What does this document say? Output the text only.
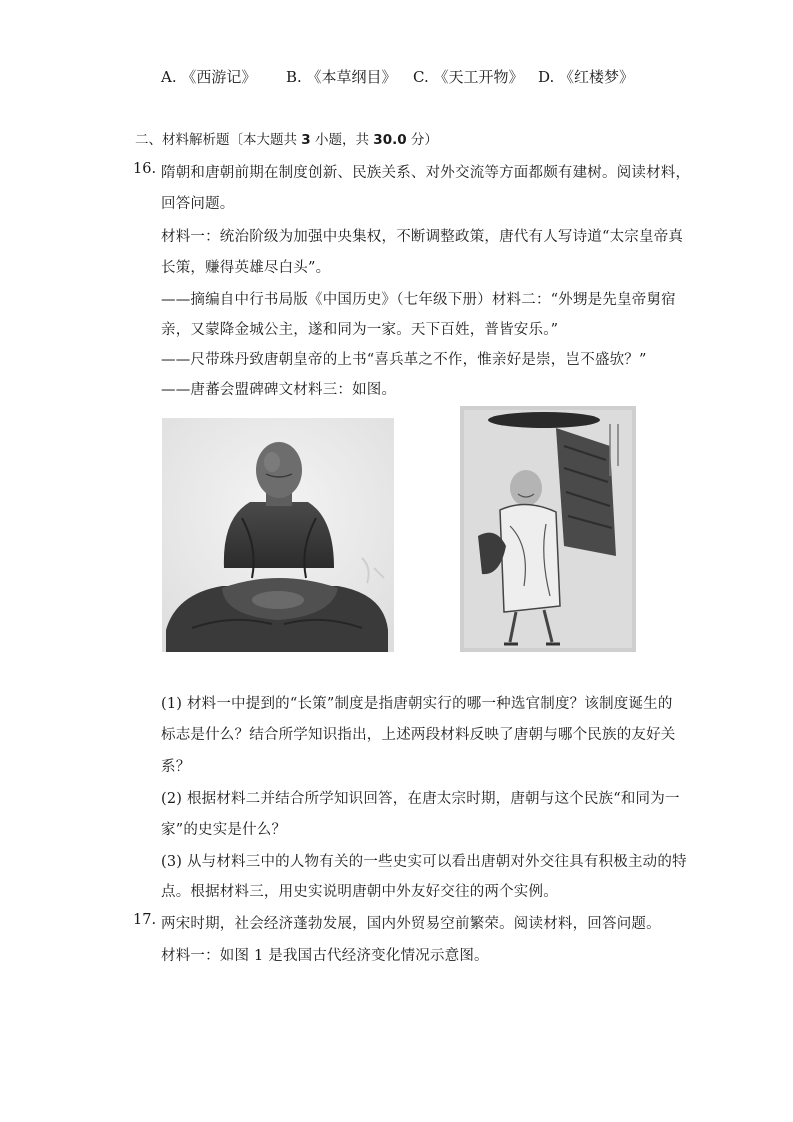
A. 《西游记》 B. 《本草纲目》 C. 《天工开物》 D. 《红楼梦》
二、材料解析题〔本大题共 3 小题，共 30.0 分）
16. 隋朝和唐朝前期在制度创新、民族关系、对外交流等方面都颇有建树。阅读材料，
回答问题。
材料一：统治阶级为加强中央集权，不断调整政策，唐代有人写诗道“太宗皇帝真
长策，赚得英雄尽白头”。
——摘编自中行书局版《中国历史》（七年级下册）材料二：“外甥是先皇帝舅宿
亲，又蒙降金城公主，遂和同为一家。天下百姓，普皆安乐。”
——尺带珠丹致唐朝皇帝的上书“喜兵革之不作，惟亲好是崇，岂不盛欤？”
——唐蕃会盟碑碑文材料三：如图。
(1) 材料一中提到的“长策”制度是指唐朝实行的哪一种选官制度？该制度诞生的
标志是什么？结合所学知识指出，上述两段材料反映了唐朝与哪个民族的友好关
系？
(2) 根据材料二并结合所学知识回答，在唐太宗时期，唐朝与这个民族“和同为一
家”的史实是什么？
(3) 从与材料三中的人物有关的一些史实可以看出唐朝对外交往具有积极主动的特
点。根据材料三，用史实说明唐朝中外友好交往的两个实例。
17. 两宋时期，社会经济蓬勃发展，国内外贸易空前繁荣。阅读材料，回答问题。
材料一：如图 1 是我国古代经济变化情况示意图。
